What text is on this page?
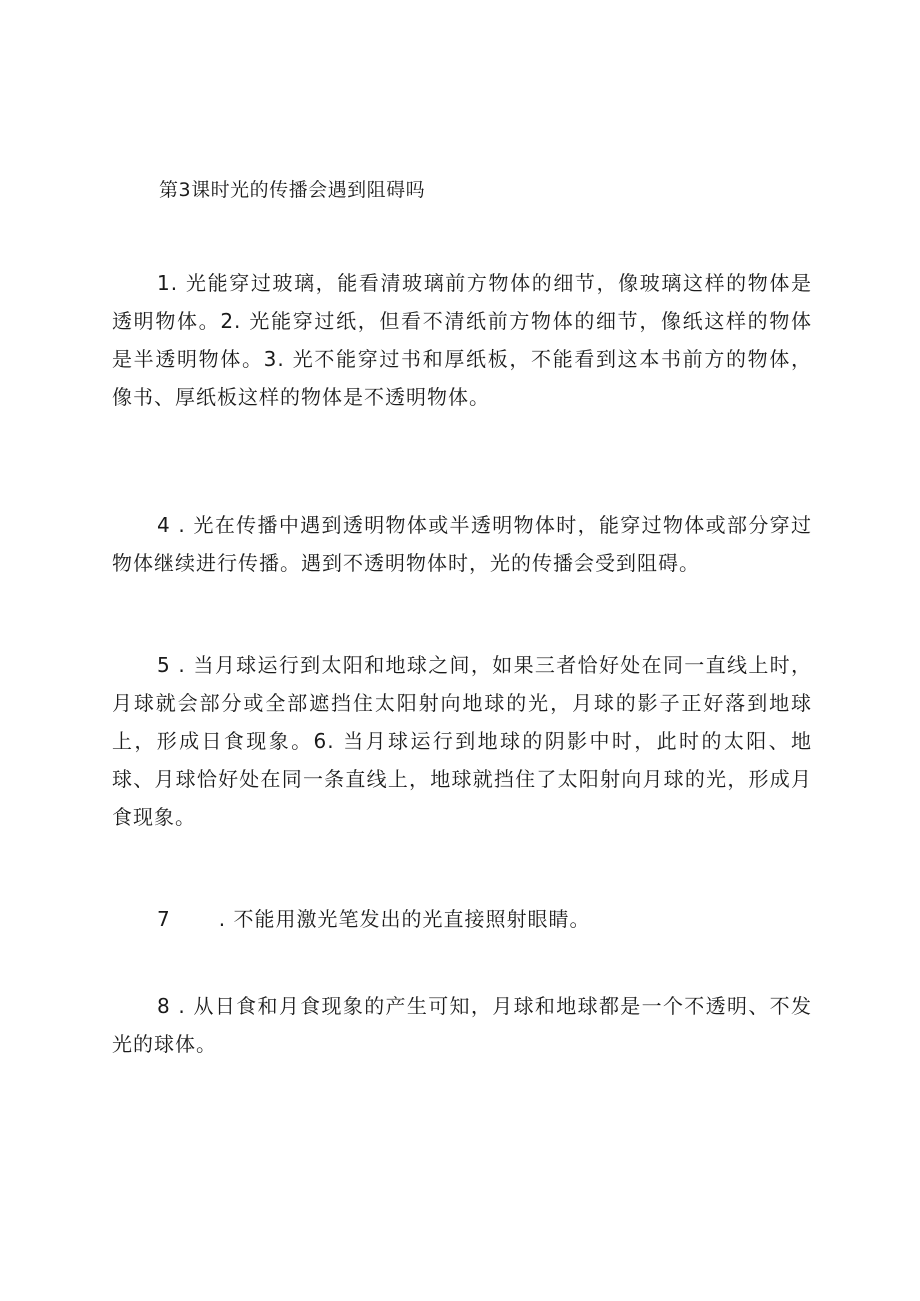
第3课时光的传播会遇到阻碍吗
1. 光能穿过玻璃，能看清玻璃前方物体的细节，像玻璃这样的物体是透明物体。2. 光能穿过纸，但看不清纸前方物体的细节，像纸这样的物体是半透明物体。3. 光不能穿过书和厚纸板，不能看到这本书前方的物体，像书、厚纸板这样的物体是不透明物体。
4 . 光在传播中遇到透明物体或半透明物体时，能穿过物体或部分穿过物体继续进行传播。遇到不透明物体时，光的传播会受到阻碍。
5 . 当月球运行到太阳和地球之间，如果三者恰好处在同一直线上时，月球就会部分或全部遮挡住太阳射向地球的光，月球的影子正好落到地球上，形成日食现象。6. 当月球运行到地球的阴影中时，此时的太阳、地球、月球恰好处在同一条直线上，地球就挡住了太阳射向月球的光，形成月食现象。
7 . 不能用激光笔发出的光直接照射眼睛。
8 . 从日食和月食现象的产生可知，月球和地球都是一个不透明、不发光的球体。
